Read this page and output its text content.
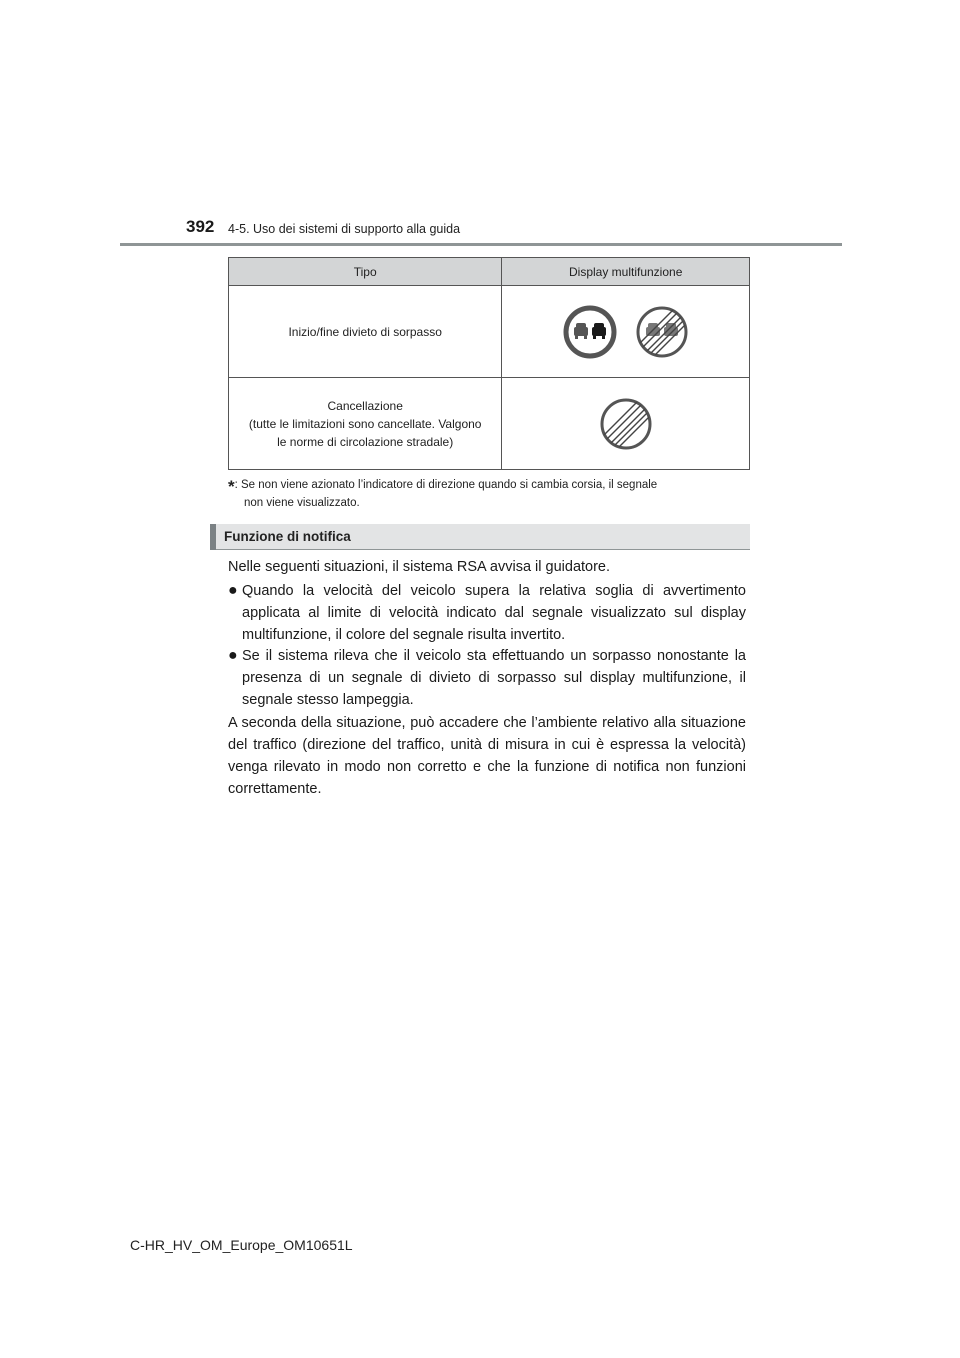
392 4-5. Uso dei sistemi di supporto alla guida
Tipo	Display multifunzione
Inizio/fine divieto di sorpasso	

Cancellazione
(tutte le limitazioni sono cancellate. Valgono
le norme di circolazione stradale)	
*: Se non viene azionato l’indicatore di direzione quando si cambia corsia, il segnale
non viene visualizzato.
Funzione di notifica
Nelle seguenti situazioni, il sistema RSA avvisa il guidatore.
● Quando la velocità del veicolo supera la relativa soglia di avvertimento applicata al limite di velocità indicato dal segnale visualizzato sul display multifunzione, il colore del segnale risulta invertito.
● Se il sistema rileva che il veicolo sta effettuando un sorpasso nonostante la presenza di un segnale di divieto di sorpasso sul display multifunzione, il segnale stesso lampeggia.
A seconda della situazione, può accadere che l’ambiente relativo alla situazione del traffico (direzione del traffico, unità di misura in cui è espressa la velocità) venga rilevato in modo non corretto e che la funzione di notifica non funzioni correttamente.
C-HR_HV_OM_Europe_OM10651L
